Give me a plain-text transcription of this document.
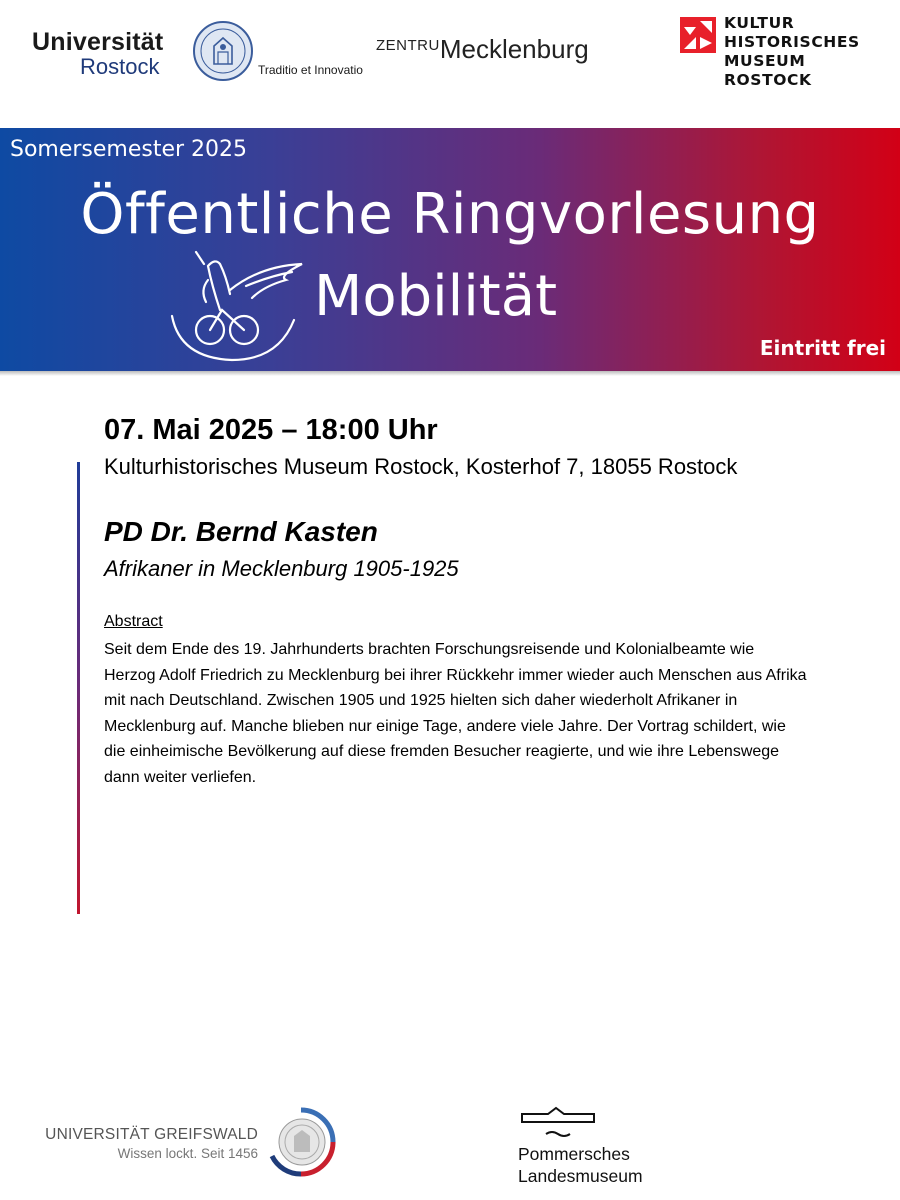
Universität
Rostock	Traditio et Innovatio
$^{ZENTRU}$Mecklenburg
KULTUR
HISTORISCHES
MUSEUM
ROSTOCK
Somersemester 2025
Öffentliche Ringvorlesung
Mobilität
Eintritt frei
07. Mai 2025 – 18:00 Uhr
Kulturhistorisches Museum Rostock, Kosterhof 7, 18055 Rostock
PD Dr. Bernd Kasten
Afrikaner in Mecklenburg 1905-1925
Abstract
Seit dem Ende des 19. Jahrhunderts brachten Forschungsreisende und Kolonialbeamte wie
Herzog Adolf Friedrich zu Mecklenburg bei ihrer Rückkehr immer wieder auch Menschen aus Afrika
mit nach Deutschland. Zwischen 1905 und 1925 hielten sich daher wiederholt Afrikaner in
Mecklenburg auf. Manche blieben nur einige Tage, andere viele Jahre. Der Vortrag schildert, wie
die einheimische Bevölkerung auf diese fremden Besucher reagierte, und wie ihre Lebenswege
dann weiter verliefen.
UNIVERSITÄT GREIFSWALD
Wissen lockt. Seit 1456	Pommersches
Landesmuseum
